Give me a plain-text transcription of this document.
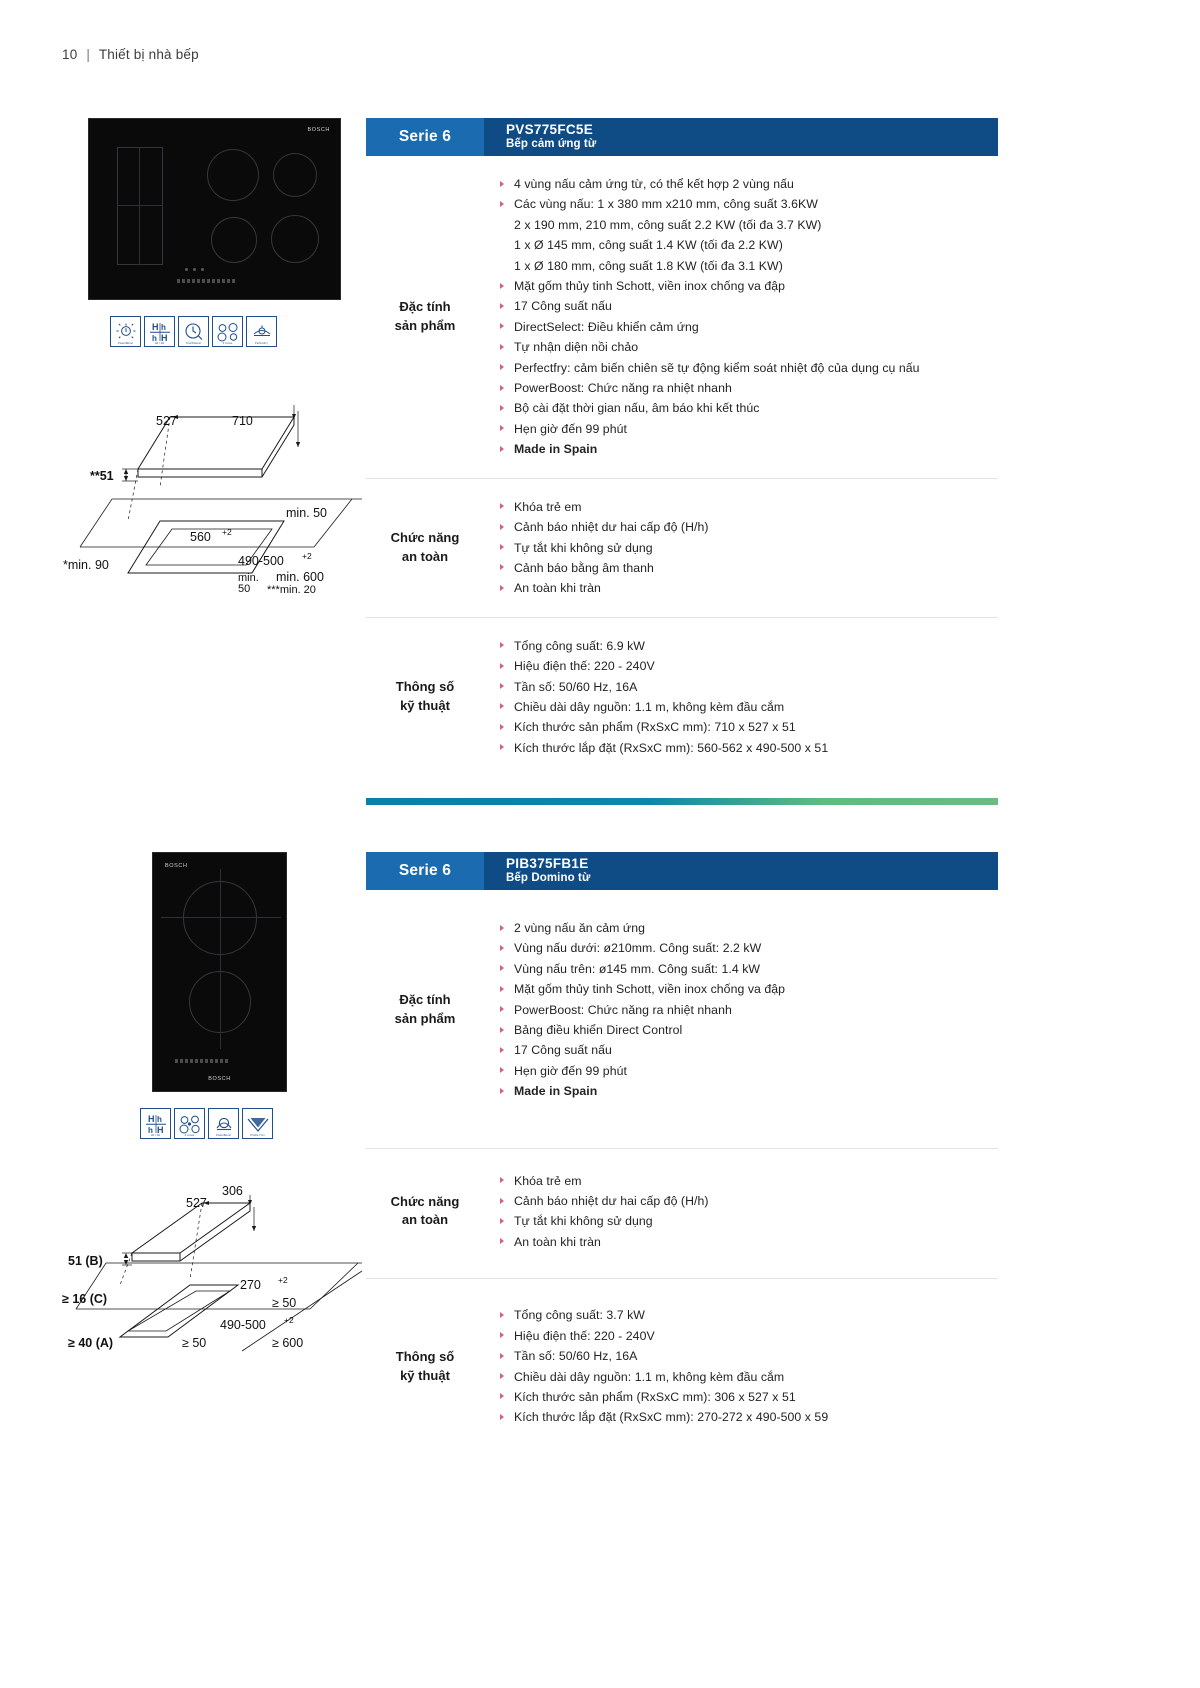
10 | Thiết bị nhà bếp
BOSCH
PowerBoost
H h
h H
Hh / hH	TouchSelect	4 zones	PerfectFry
527	710
**51
560 +2
490-500 +2
*min. 90
min. 50
min.
50
min. 600
***min. 20
Serie 6	PVS775FC5E
Bếp cảm ứng từ
Đặc tính
sản phẩm
4 vùng nấu cảm ứng từ, có thể kết hợp 2 vùng nấu
Các vùng nấu: 1 x 380 mm x210 mm, công suất 3.6KW
2 x 190 mm, 210 mm, công suất 2.2 KW (tối đa 3.7 KW)
1 x Ø 145 mm, công suất 1.4 KW (tối đa 2.2 KW)
1 x Ø 180 mm, công suất 1.8 KW (tối đa 3.1 KW)
Mặt gốm thủy tinh Schott, viền inox chống va đập
17 Công suất nấu
DirectSelect: Điều khiển cảm ứng
Tự nhận diện nồi chảo
Perfectfry: cảm biến chiên sẽ tự động kiểm soát nhiệt độ của dụng cụ nấu
PowerBoost: Chức năng ra nhiệt nhanh
Bộ cài đặt thời gian nấu, âm báo khi kết thúc
Hẹn giờ đến 99 phút
Made in Spain
Chức năng
an toàn
Khóa trẻ em
Cảnh báo nhiệt dư hai cấp độ (H/h)
Tự tắt khi không sử dụng
Cảnh báo bằng âm thanh
An toàn khi tràn
Thông số
kỹ thuật
Tổng công suất: 6.9 kW
Hiệu điện thế: 220 - 240V
Tần số: 50/60 Hz, 16A
Chiều dài dây nguồn: 1.1 m, không kèm đầu cắm
Kích thước sản phẩm (RxSxC mm): 710 x 527 x 51
Kích thước lắp đặt (RxSxC mm): 560-562 x 490-500 x 51
BOSCH
BOSCH
H h
h H
Hh / hH	2 zones	PowerBoost	Profile Trim
527
306
51 (B)
≥ 16 (C)
≥ 40 (A)
270 +2
490-500 +2
≥ 50
≥ 50	≥ 600
Serie 6	PIB375FB1E
Bếp Domino từ
Đặc tính
sản phẩm
2 vùng nấu ăn cảm ứng
Vùng nấu dưới: ø210mm. Công suất: 2.2 kW
Vùng nấu trên: ø145 mm. Công suất: 1.4 kW
Mặt gốm thủy tinh Schott, viền inox chống va đập
PowerBoost: Chức năng ra nhiệt nhanh
Bảng điều khiển Direct Control
17 Công suất nấu
Hẹn giờ đến 99 phút
Made in Spain
Chức năng
an toàn
Khóa trẻ em
Cảnh báo nhiệt dư hai cấp độ (H/h)
Tự tắt khi không sử dụng
An toàn khi tràn
Thông số
kỹ thuật
Tổng công suất: 3.7 kW
Hiệu điện thế: 220 - 240V
Tần số: 50/60 Hz, 16A
Chiều dài dây nguồn: 1.1 m, không kèm đầu cắm
Kích thước sản phẩm (RxSxC mm): 306 x 527 x 51
Kích thước lắp đặt (RxSxC mm): 270-272 x 490-500 x 59
